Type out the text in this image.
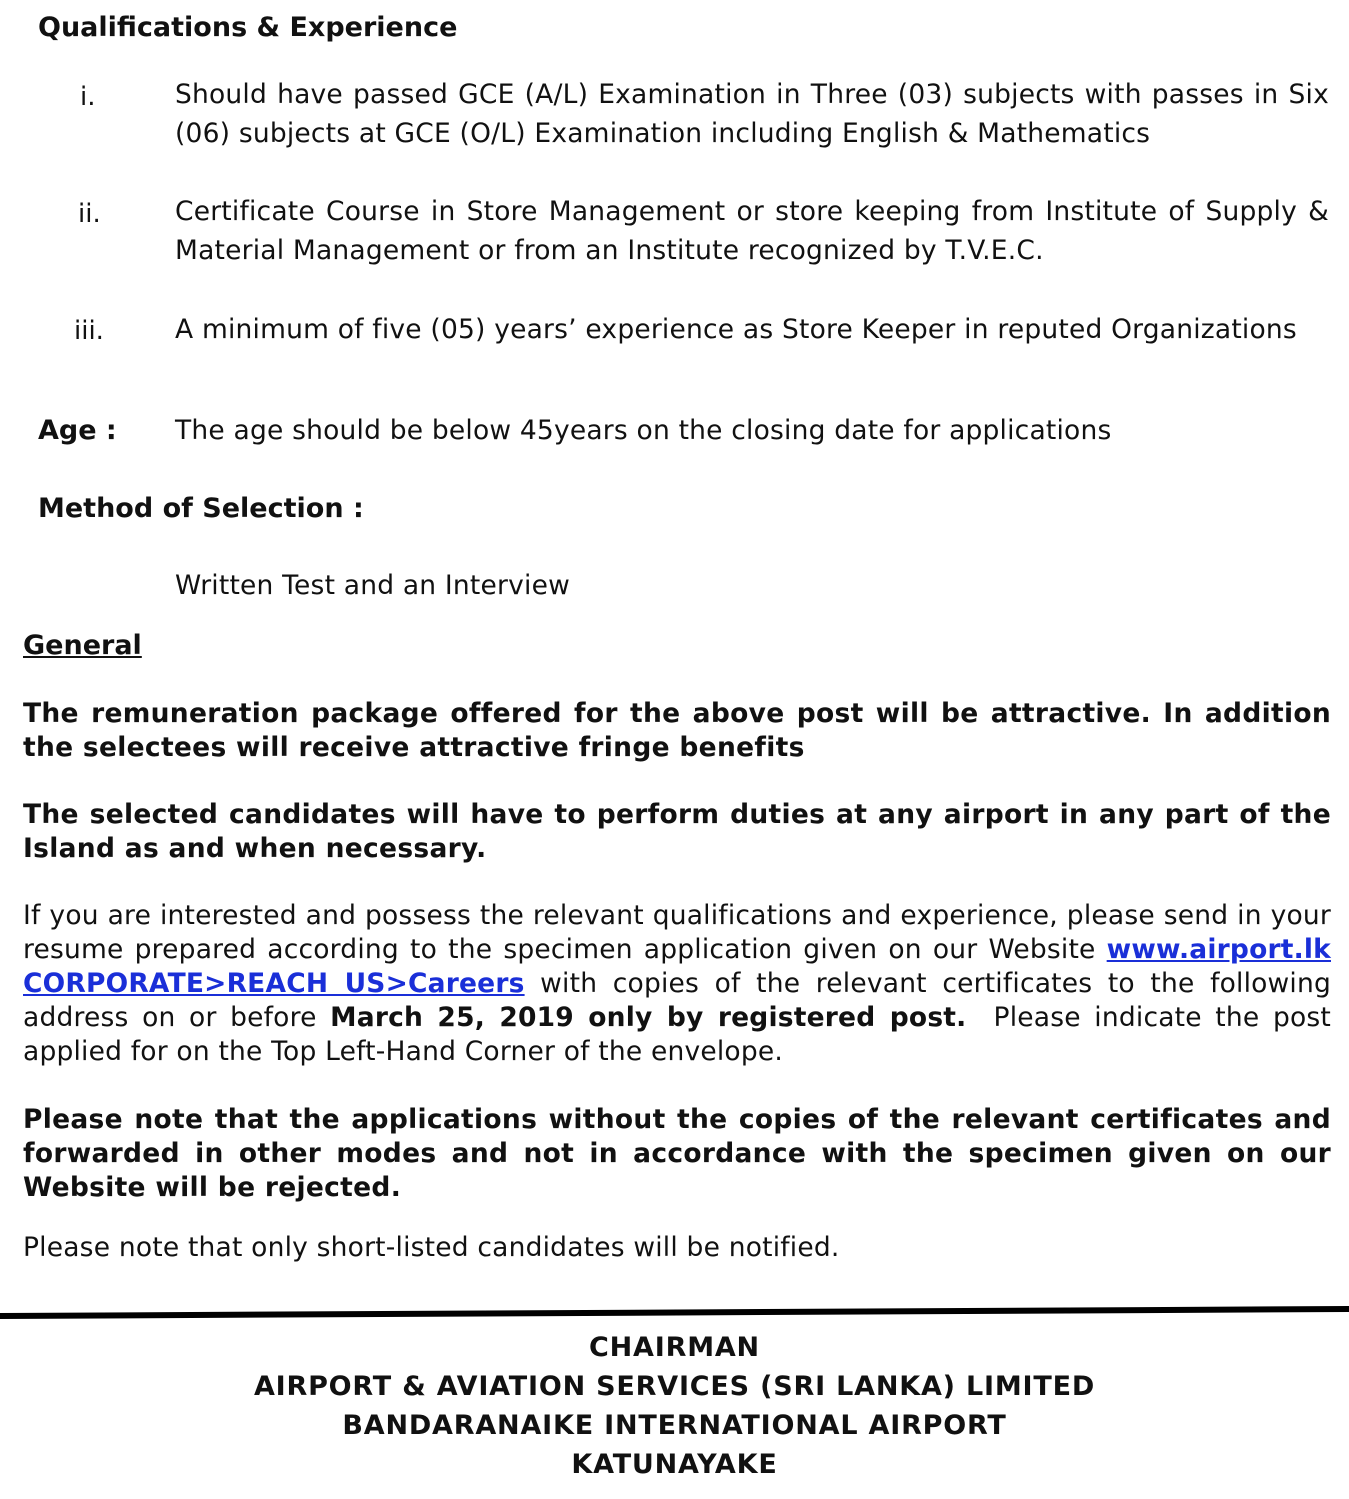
Qualifications & Experience
i.	Should have passed GCE (A/L) Examination in Three (03) subjects with passes in Six (06) subjects at GCE (O/L) Examination including English & Mathematics
ii.	Certificate Course in Store Management or store keeping from Institute of Supply & Material Management or from an Institute recognized by T.V.E.C.
iii.	A minimum of five (05) years’ experience as Store Keeper in reputed Organizations
Age : The age should be below 45years on the closing date for applications
Method of Selection :
Written Test and an Interview
General
The remuneration package offered for the above post will be attractive. In addition the selectees will receive attractive fringe benefits
The selected candidates will have to perform duties at any airport in any part of the Island as and when necessary.
If you are interested and possess the relevant qualifications and experience, please send in your resume prepared according to the specimen application given on our Website www.airport.lk CORPORATE>REACH US>Careers with copies of the relevant certificates to the following address on or before March 25, 2019 only by registered post. Please indicate the post applied for on the Top Left-Hand Corner of the envelope.
Please note that the applications without the copies of the relevant certificates and forwarded in other modes and not in accordance with the specimen given on our Website will be rejected.
Please note that only short-listed candidates will be notified.
CHAIRMAN
AIRPORT & AVIATION SERVICES (SRI LANKA) LIMITED
BANDARANAIKE INTERNATIONAL AIRPORT
KATUNAYAKE
